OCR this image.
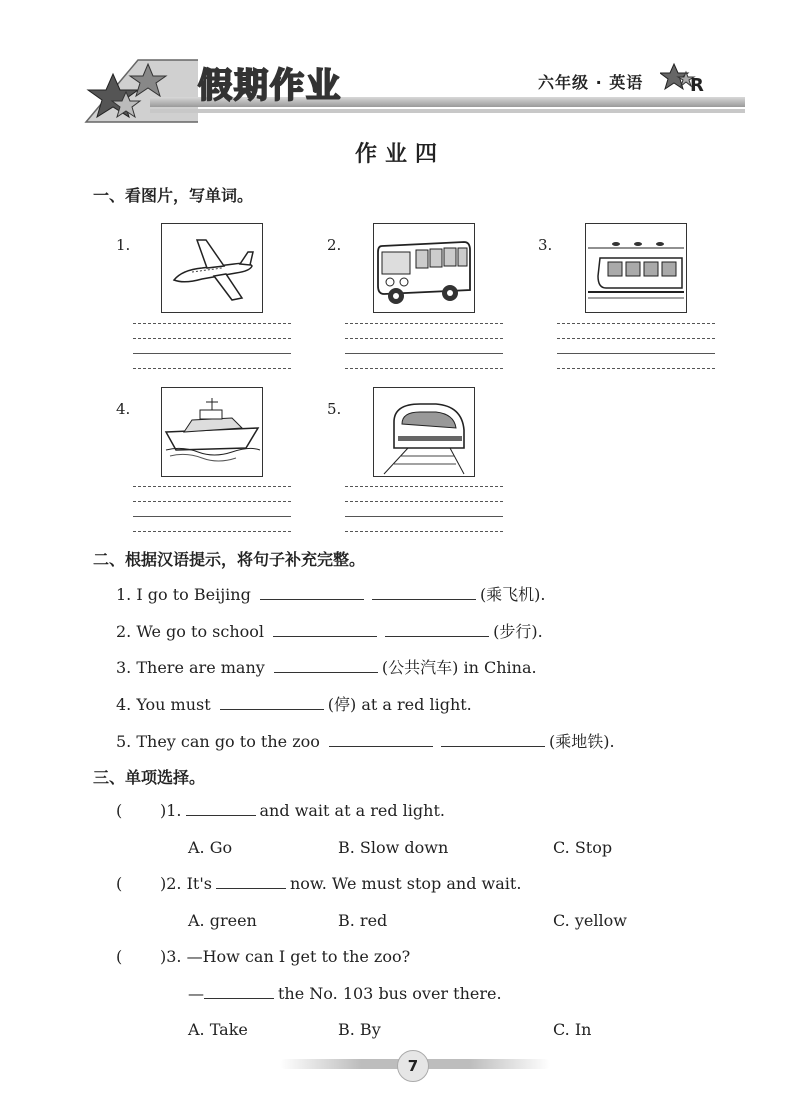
假期作业	六年级 · 英语	R
作业四
一、看图片，写单词。
1.	2.	3.
4.	5.
二、根据汉语提示，将句子补充完整。
1. I go to Beijing	(乘飞机).
2. We go to school	(步行).
3. There are many	(公共汽车) in China.
4. You must	(停) at a red light.
5. They can go to the zoo	(乘地铁).
三、单项选择。
( )1.	and wait at a red light.
A. Go	B. Slow down	C. Stop
( )2. It's	now. We must stop and wait.
A. green	B. red	C. yellow
( )3. —How can I get to the zoo?
—	the No. 103 bus over there.
A. Take	B. By	C. In
7
